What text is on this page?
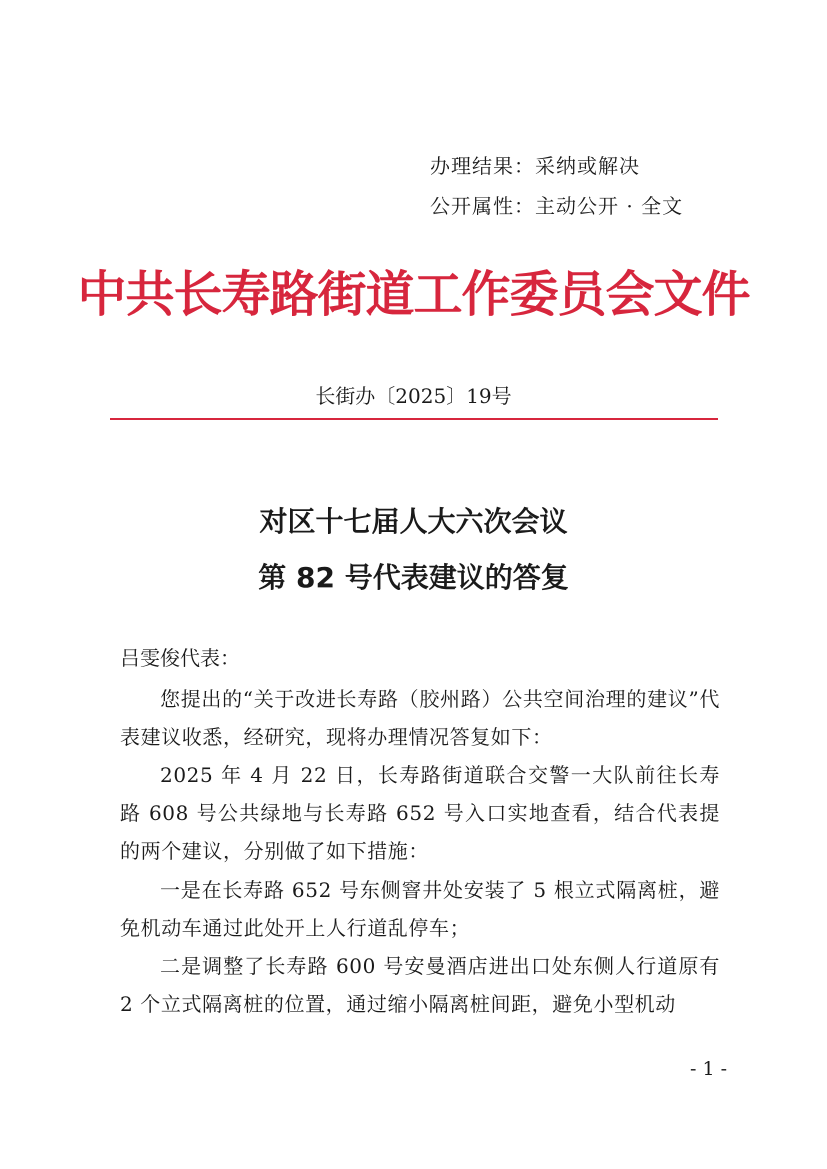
办理结果：采纳或解决
公开属性：主动公开 · 全文
中共长寿路街道工作委员会文件
长街办〔2025〕19号
对区十七届人大六次会议
第 82 号代表建议的答复
吕雯俊代表：
您提出的“关于改进长寿路（胶州路）公共空间治理的建议”代表建议收悉，经研究，现将办理情况答复如下：
2025 年 4 月 22 日，长寿路街道联合交警一大队前往长寿路 608 号公共绿地与长寿路 652 号入口实地查看，结合代表提的两个建议，分别做了如下措施：
一是在长寿路 652 号东侧窨井处安装了 5 根立式隔离桩，避免机动车通过此处开上人行道乱停车；
二是调整了长寿路 600 号安曼酒店进出口处东侧人行道原有 2 个立式隔离桩的位置，通过缩小隔离桩间距，避免小型机动
- 1 -
